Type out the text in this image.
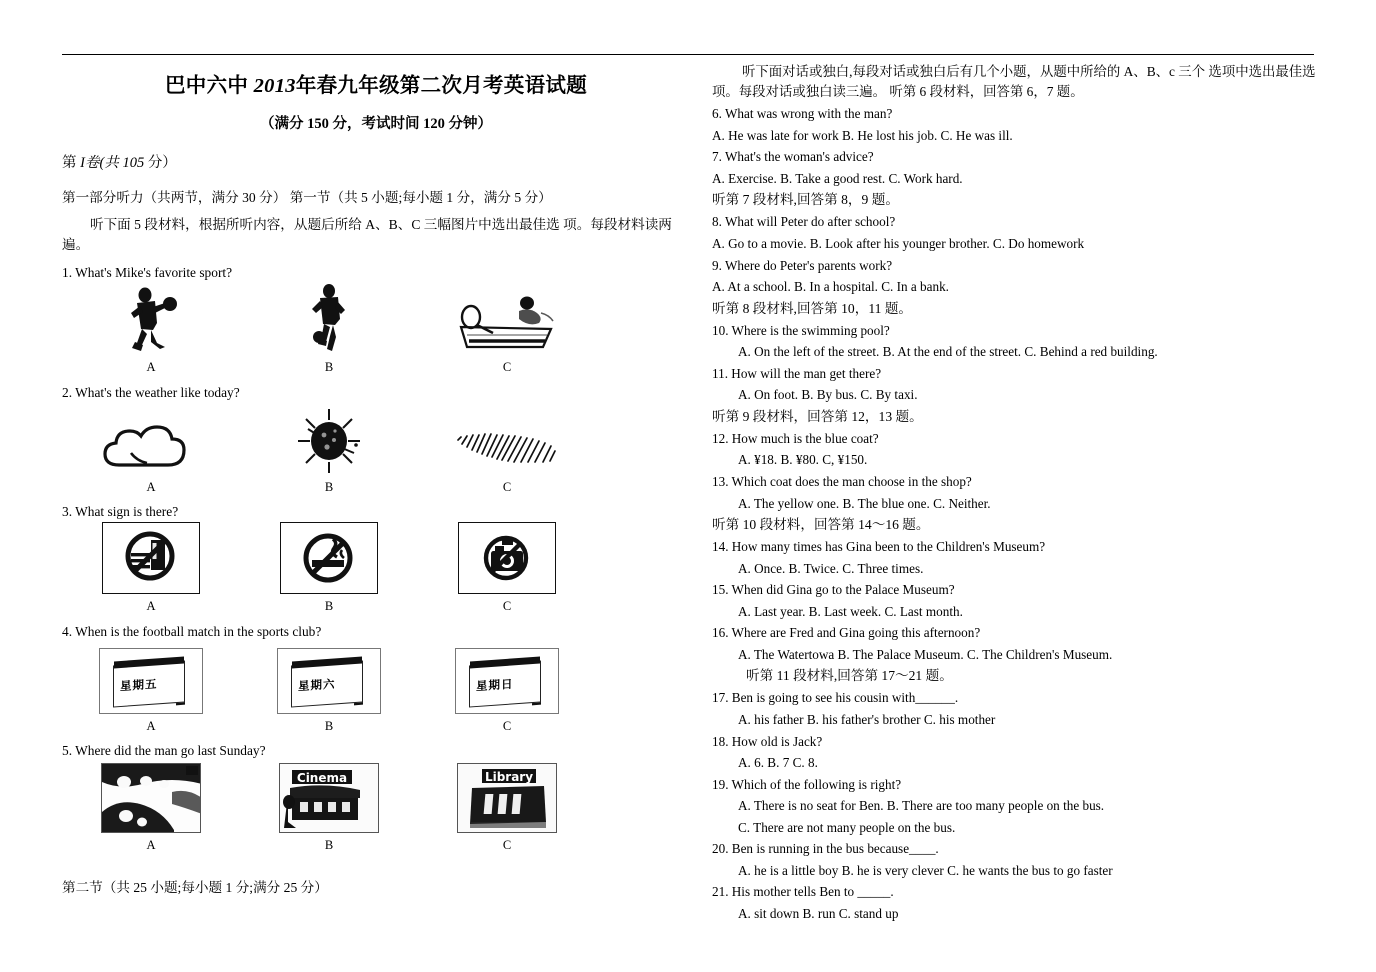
巴中六中 2013年春九年级第二次月考英语试题
（满分 150 分，考试时间 120 分钟）
第 I卷(共 105 分）
第一部分听力（共两节，满分 30 分） 第一节（共 5 小题;每小题 1 分，满分 5 分）
听下面 5 段材料，根据所听内容，从题后所给 A、B、C 三幅图片中选出最佳选 项。每段材料读两遍。
1. What's Mike's favorite sport?
A	B	C
2. What's the weather like today?
A	B	C
3. What sign is there?
A	B	C
4. When is the football match in the sports club?
星期五
A
星期六
B
星期日
C
5. Where did the man go last Sunday?
A
Cinema
B
Library
C
第二节（共 25 小题;每小题 1 分;满分 25 分）
听下面对话或独白,每段对话或独白后有几个小题，从题中所给的 A、B、c 三个 选项中选出最佳选项。每段对话或独白读三遍。 听第 6 段材料，回答第 6，7 题。
6. What was wrong with the man?
A. He was late for work B. He lost his job. C. He was ill.
7. What's the woman's advice?
A. Exercise. B. Take a good rest. C. Work hard.
听第 7 段材料,回答第 8，9 题。
8. What will Peter do after school?
A. Go to a movie. B. Look after his younger brother. C. Do homework
9. Where do Peter's parents work?
A. At a school. B. In a hospital. C. In a bank.
听第 8 段材料,回答第 10，11 题。
10. Where is the swimming pool?
A. On the left of the street. B. At the end of the street. C. Behind a red building.
11. How will the man get there?
A. On foot. B. By bus. C. By taxi.
听第 9 段材料，回答第 12，13 题。
12. How much is the blue coat?
A. ¥18. B. ¥80. C, ¥150.
13. Which coat does the man choose in the shop?
A. The yellow one. B. The blue one. C. Neither.
听第 10 段材料，回答第 14～16 题。
14. How many times has Gina been to the Children's Museum?
A. Once. B. Twice. C. Three times.
15. When did Gina go to the Palace Museum?
A. Last year. B. Last week. C. Last month.
16. Where are Fred and Gina going this afternoon?
A. The Watertowa B. The Palace Museum. C. The Children's Museum.
听第 11 段材料,回答第 17～21 题。
17. Ben is going to see his cousin with______.
A. his father B. his father's brother C. his mother
18. How old is Jack?
A. 6. B. 7 C. 8.
19. Which of the following is right?
A. There is no seat for Ben. B. There are too many people on the bus.
C. There are not many people on the bus.
20. Ben is running in the bus because____.
A. he is a little boy B. he is very clever C. he wants the bus to go faster
21. His mother tells Ben to _____.
A. sit down B. run C. stand up
